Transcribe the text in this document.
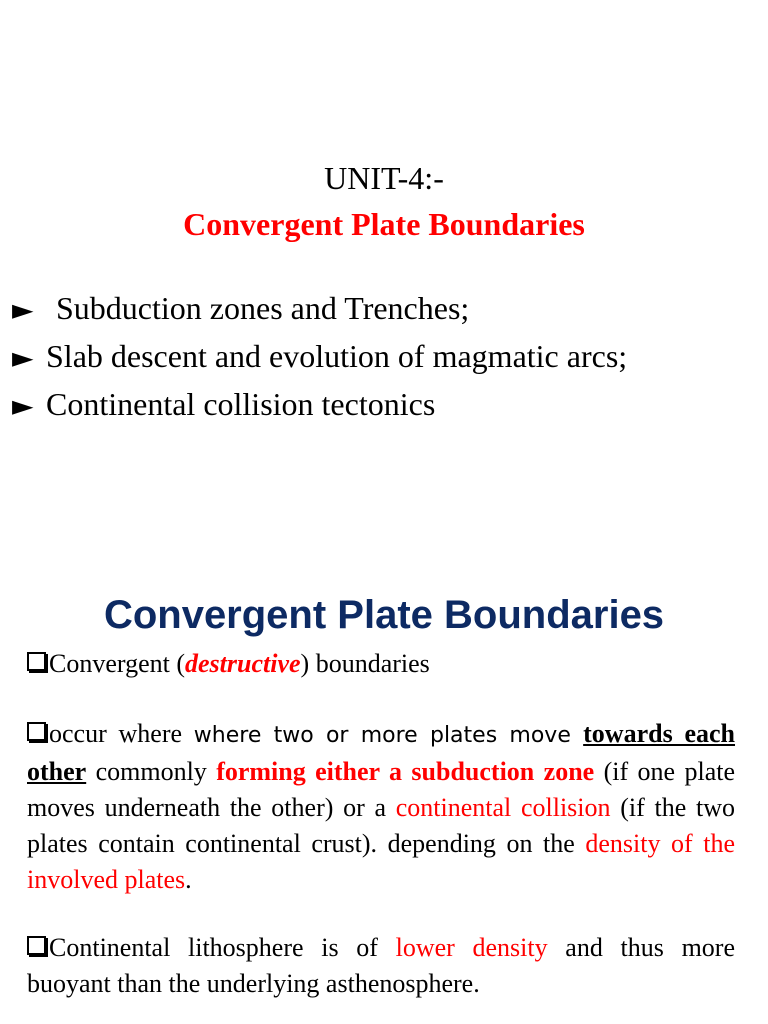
UNIT-4:-
Convergent Plate Boundaries
► Subduction zones and Trenches;
► Slab descent and evolution of magmatic arcs;
► Continental collision tectonics
Convergent Plate Boundaries
Convergent (destructive) boundaries
occur where where two or more plates move towards each other commonly forming either a subduction zone (if one plate moves underneath the other) or a continental collision (if the two plates contain continental crust). depending on the density of the involved plates.
Continental lithosphere is of lower density and thus more buoyant than the underlying asthenosphere.
